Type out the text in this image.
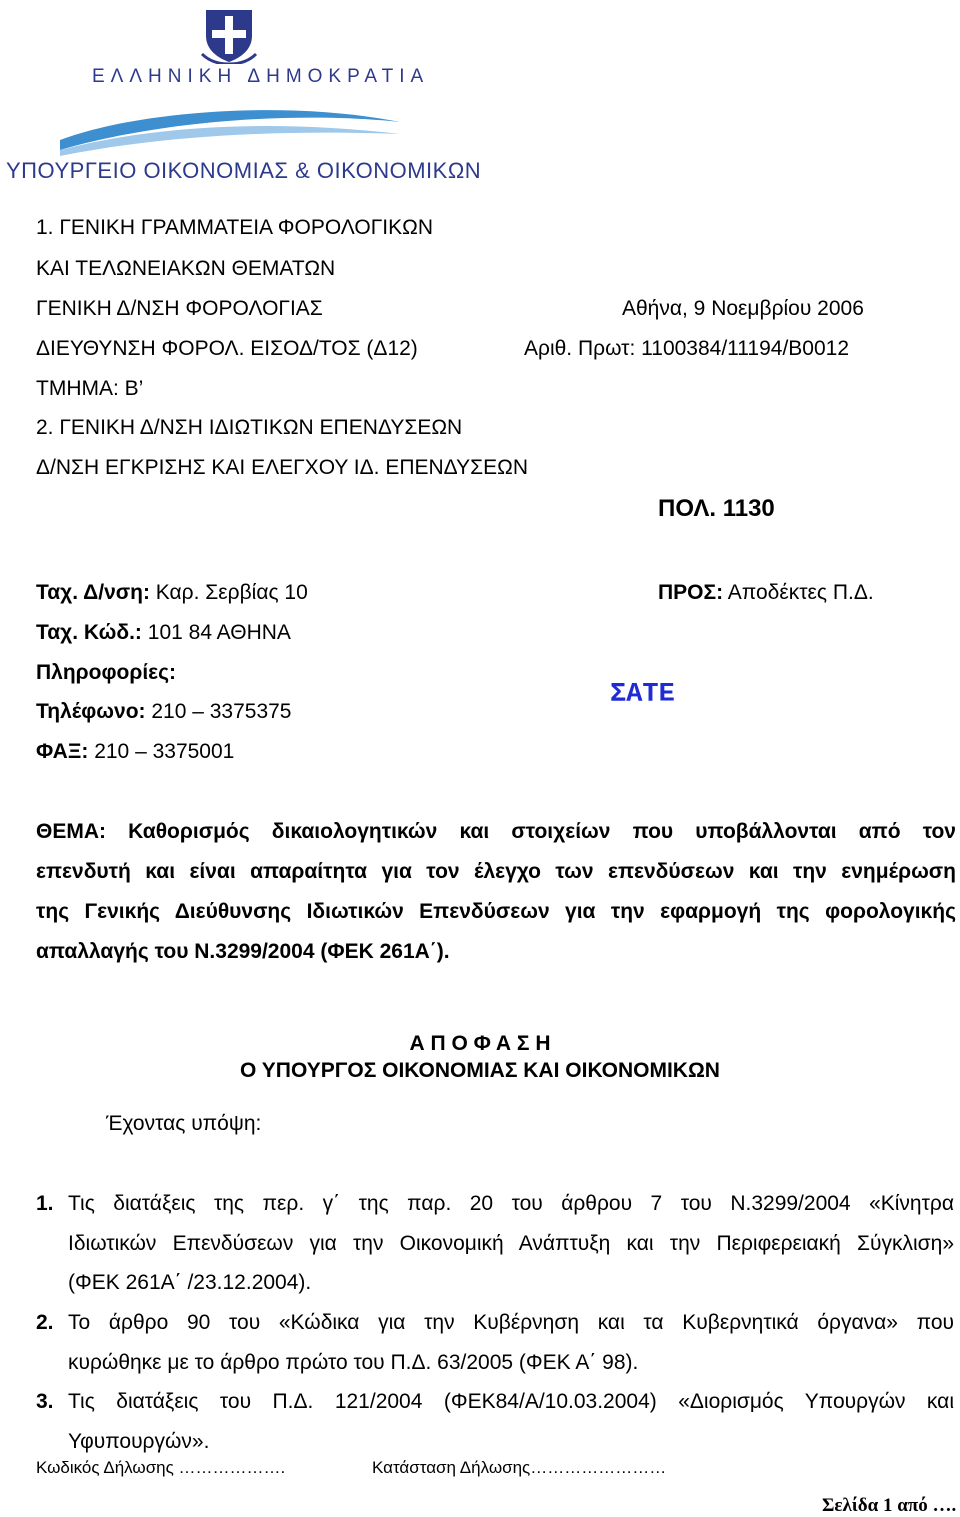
ΕΛΛΗΝΙΚΗ ΔΗΜΟΚΡΑΤΙΑ
ΥΠΟΥΡΓΕΙΟ ΟΙΚΟΝΟΜΙΑΣ & ΟΙΚΟΝΟΜΙΚΩΝ
1. ΓΕΝΙΚΗ ΓΡΑΜΜΑΤΕΙΑ ΦΟΡΟΛΟΓΙΚΩΝ
ΚΑΙ ΤΕΛΩΝΕΙΑΚΩΝ ΘΕΜΑΤΩΝ
ΓΕΝΙΚΗ Δ/ΝΣΗ ΦΟΡΟΛΟΓΙΑΣ
ΔΙΕΥΘΥΝΣΗ ΦΟΡΟΛ. ΕΙΣΟΔ/ΤΟΣ (Δ12)
ΤΜΗΜΑ: Β’
2. ΓΕΝΙΚΗ Δ/ΝΣΗ ΙΔΙΩΤΙΚΩΝ ΕΠΕΝΔΥΣΕΩΝ
Δ/ΝΣΗ ΕΓΚΡΙΣΗΣ ΚΑΙ ΕΛΕΓΧΟΥ ΙΔ. ΕΠΕΝΔΥΣΕΩΝ
Αθήνα, 9 Νοεμβρίου 2006
Αριθ. Πρωτ: 1100384/11194/Β0012
ΠΟΛ. 1130
Ταχ. Δ/νση: Καρ. Σερβίας 10
Ταχ. Κώδ.: 101 84 ΑΘΗΝΑ
Πληροφορίες:
Τηλέφωνο: 210 – 3375375
ΦΑΞ: 210 – 3375001
ΠΡΟΣ: Αποδέκτες Π.Δ.
ΣΑΤΕ
ΘΕΜΑ: Καθορισμός δικαιολογητικών και στοιχείων που υποβάλλονται από τον
επενδυτή και είναι απαραίτητα για τον έλεγχο των επενδύσεων και την ενημέρωση
της Γενικής Διεύθυνσης Ιδιωτικών Επενδύσεων για την εφαρμογή της φορολογικής
απαλλαγής του Ν.3299/2004 (ΦΕΚ 261Α΄).
Α Π Ο Φ Α Σ Η
Ο ΥΠΟΥΡΓΟΣ ΟΙΚΟΝΟΜΙΑΣ ΚΑΙ ΟΙΚΟΝΟΜΙΚΩΝ
Έχοντας υπόψη:
1. Τις διατάξεις της περ. γ΄ της παρ. 20 του άρθρου 7 του Ν.3299/2004 «Κίνητρα
Ιδιωτικών Επενδύσεων για την Οικονομική Ανάπτυξη και την Περιφερειακή Σύγκλιση»
(ΦΕΚ 261Α΄ /23.12.2004).
2. Το άρθρο 90 του «Κώδικα για την Κυβέρνηση και τα Κυβερνητικά όργανα» που
κυρώθηκε με το άρθρο πρώτο του Π.Δ. 63/2005 (ΦΕΚ Α΄ 98).
3. Τις διατάξεις του Π.Δ. 121/2004 (ΦΕΚ84/Α/10.03.2004) «Διορισμός Υπουργών και
Υφυπουργών».
Κωδικός Δήλωσης ……………….	Κατάσταση Δήλωσης……………………
Σελίδα 1 από ….
